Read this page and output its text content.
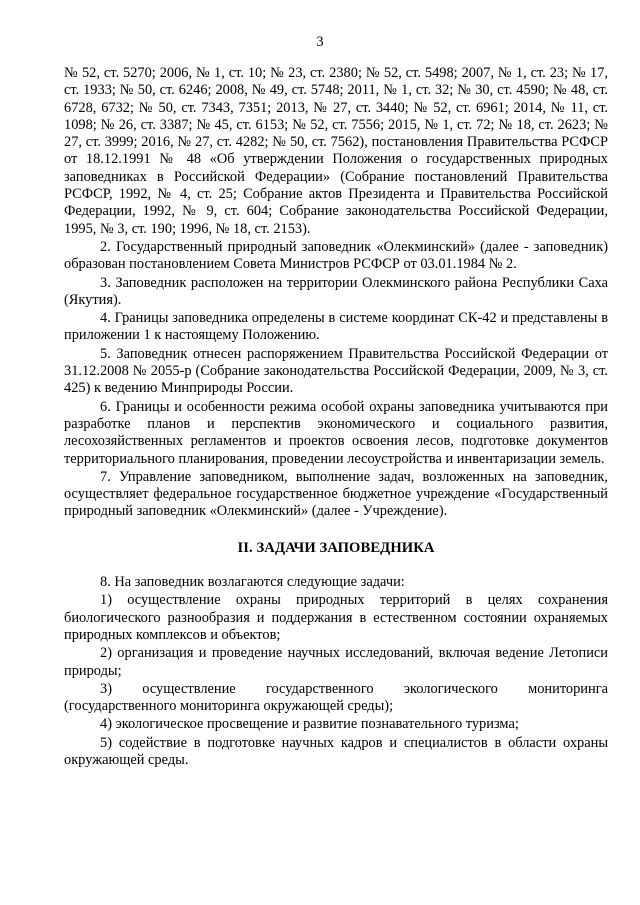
3

№ 52, ст. 5270; 2006, № 1, ст. 10; № 23, ст. 2380; № 52, ст. 5498; 2007, № 1, ст. 23; № 17, ст. 1933; № 50, ст. 6246; 2008, № 49, ст. 5748; 2011, № 1, ст. 32; № 30, ст. 4590; № 48, ст. 6728, 6732; № 50, ст. 7343, 7351; 2013, № 27, ст. 3440; № 52, ст. 6961; 2014, № 11, ст. 1098; № 26, ст. 3387; № 45, ст. 6153; № 52, ст. 7556; 2015, № 1, ст. 72; № 18, ст. 2623; № 27, ст. 3999; 2016, № 27, ст. 4282; № 50, ст. 7562), постановления Правительства РСФСР от 18.12.1991 № 48 «Об утверждении Положения о государственных природных заповедниках в Российской Федерации» (Собрание постановлений Правительства РСФСР, 1992, № 4, ст. 25; Собрание актов Президента и Правительства Российской Федерации, 1992, № 9, ст. 604; Собрание законодательства Российской Федерации, 1995, № 3, ст. 190; 1996, № 18, ст. 2153).

2. Государственный природный заповедник «Олекминский» (далее - заповедник) образован постановлением Совета Министров РСФСР от 03.01.1984 № 2.

3. Заповедник расположен на территории Олекминского района Республики Саха (Якутия).

4. Границы заповедника определены в системе координат СК-42 и представлены в приложении 1 к настоящему Положению.

5. Заповедник отнесен распоряжением Правительства Российской Федерации от 31.12.2008 № 2055-р (Собрание законодательства Российской Федерации, 2009, № 3, ст. 425) к ведению Минприроды России.

6. Границы и особенности режима особой охраны заповедника учитываются при разработке планов и перспектив экономического и социального развития, лесохозяйственных регламентов и проектов освоения лесов, подготовке документов территориального планирования, проведении лесоустройства и инвентаризации земель.

7. Управление заповедником, выполнение задач, возложенных на заповедник, осуществляет федеральное государственное бюджетное учреждение «Государственный природный заповедник «Олекминский» (далее - Учреждение).

II. ЗАДАЧИ ЗАПОВЕДНИКА

8. На заповедник возлагаются следующие задачи:

1) осуществление охраны природных территорий в целях сохранения биологического разнообразия и поддержания в естественном состоянии охраняемых природных комплексов и объектов;

2) организация и проведение научных исследований, включая ведение Летописи природы;

3) осуществление государственного экологического мониторинга (государственного мониторинга окружающей среды);

4) экологическое просвещение и развитие познавательного туризма;

5) содействие в подготовке научных кадров и специалистов в области охраны окружающей среды.
